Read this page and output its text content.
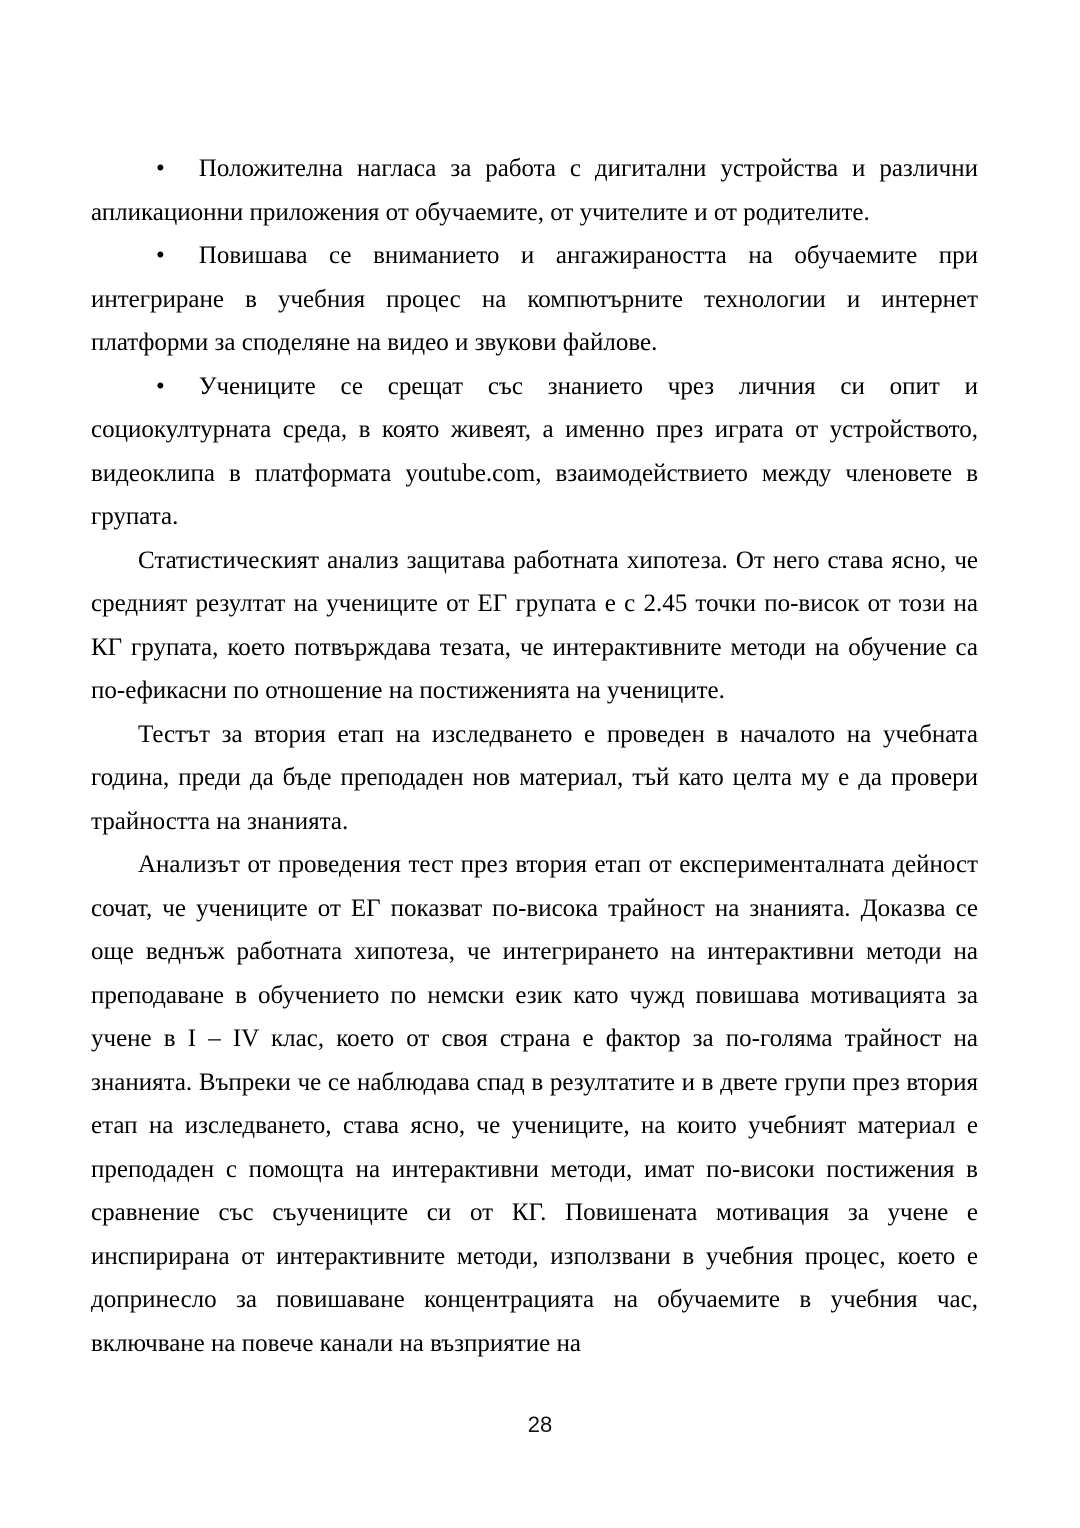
• Положителна нагласа за работа с дигитални устройства и различни апликационни приложения от обучаемите, от учителите и от родителите.

• Повишава се вниманието и ангажираността на обучаемите при интегриране в учебния процес на компютърните технологии и интернет платформи за споделяне на видео и звукови файлове.

• Учениците се срещат със знанието чрез личния си опит и социокултурната среда, в която живеят, а именно през играта от устройството, видеоклипа в платформата youtube.com, взаимодействието между членовете в групата.

Статистическият анализ защитава работната хипотеза. От него става ясно, че средният резултат на учениците от ЕГ групата е с 2.45 точки по-висок от този на КГ групата, което потвърждава тезата, че интерактивните методи на обучение са по-ефикасни по отношение на постиженията на учениците.

Тестът за втория етап на изследването е проведен в началото на учебната година, преди да бъде преподаден нов материал, тъй като целта му е да провери трайността на знанията.

Анализът от проведения тест през втория етап от експерименталната дейност сочат, че учениците от ЕГ показват по-висока трайност на знанията. Доказва се още веднъж работната хипотеза, че интегрирането на интерактивни методи на преподаване в обучението по немски език като чужд повишава мотивацията за учене в I – IV клас, което от своя страна е фактор за по-голяма трайност на знанията. Въпреки че се наблюдава спад в резултатите и в двете групи през втория етап на изследването, става ясно, че учениците, на които учебният материал е преподаден с помощта на интерактивни методи, имат по-високи постижения в сравнение със съучениците си от КГ. Повишената мотивация за учене е инспирирана от интерактивните методи, използвани в учебния процес, което е допринесло за повишаване концентрацията на обучаемите в учебния час, включване на повече канали на възприятие на

28
